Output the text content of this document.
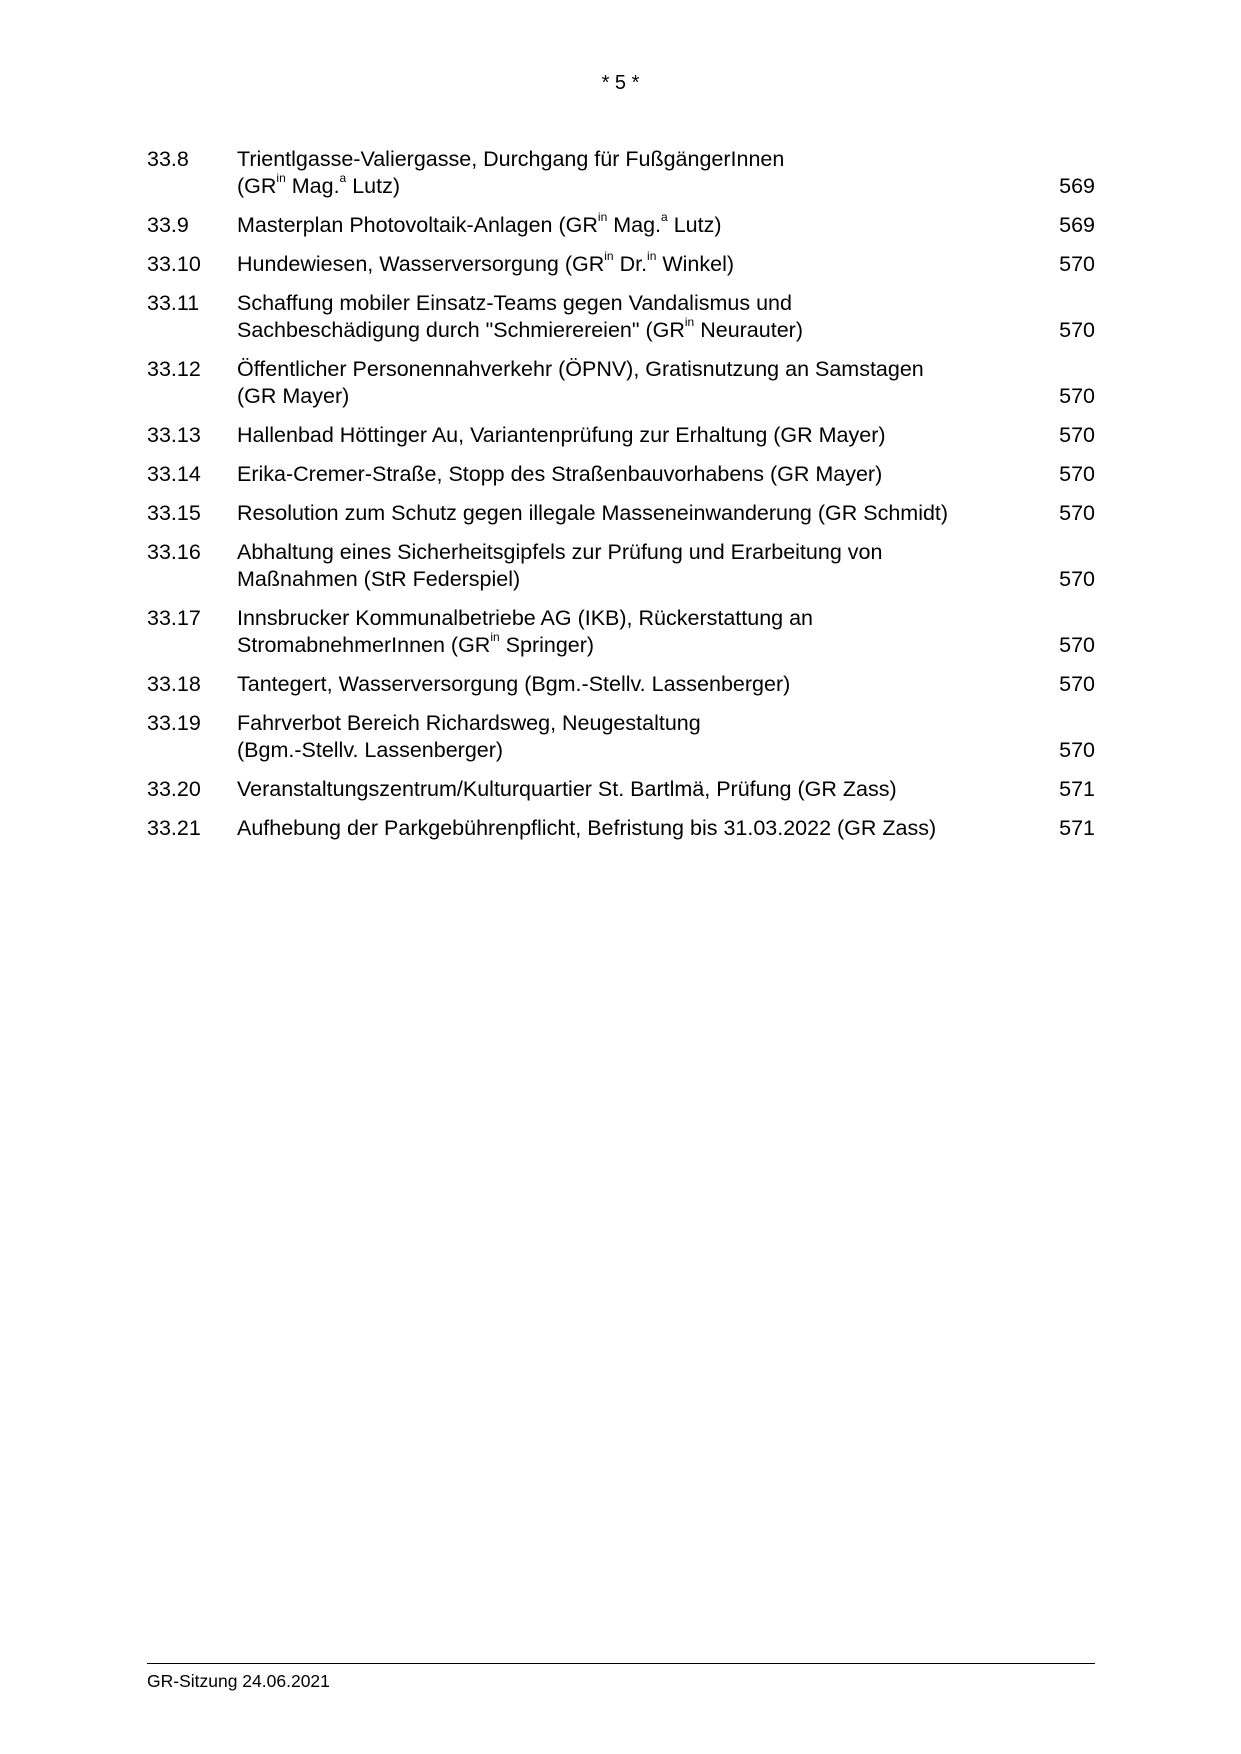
* 5 *
33.8	Trientlgasse-Valiergasse, Durchgang für FußgängerInnen
($GR^{in}$ Mag.$^a$ Lutz)	569
33.9	Masterplan Photovoltaik-Anlagen ($GR^{in}$ Mag.$^a$ Lutz)	569
33.10	Hundewiesen, Wasserversorgung ($GR^{in}$ Dr.$^{in}$ Winkel)	570
33.11	Schaffung mobiler Einsatz-Teams gegen Vandalismus und
Sachbeschädigung durch "Schmierereien" ($GR^{in}$ Neurauter)	570
33.12	Öffentlicher Personennahverkehr (ÖPNV), Gratisnutzung an Samstagen
(GR Mayer)	570
33.13	Hallenbad Höttinger Au, Variantenprüfung zur Erhaltung (GR Mayer)	570
33.14	Erika-Cremer-Straße, Stopp des Straßenbauvorhabens (GR Mayer)	570
33.15	Resolution zum Schutz gegen illegale Masseneinwanderung (GR Schmidt)	570
33.16	Abhaltung eines Sicherheitsgipfels zur Prüfung und Erarbeitung von
Maßnahmen (StR Federspiel)	570
33.17	Innsbrucker Kommunalbetriebe AG (IKB), Rückerstattung an
StromabnehmerInnen ($GR^{in}$ Springer)	570
33.18	Tantegert, Wasserversorgung (Bgm.-Stellv. Lassenberger)	570
33.19	Fahrverbot Bereich Richardsweg, Neugestaltung
(Bgm.-Stellv. Lassenberger)	570
33.20	Veranstaltungszentrum/Kulturquartier St. Bartlmä, Prüfung (GR Zass)	571
33.21	Aufhebung der Parkgebührenpflicht, Befristung bis 31.03.2022 (GR Zass)	571
GR-Sitzung 24.06.2021
